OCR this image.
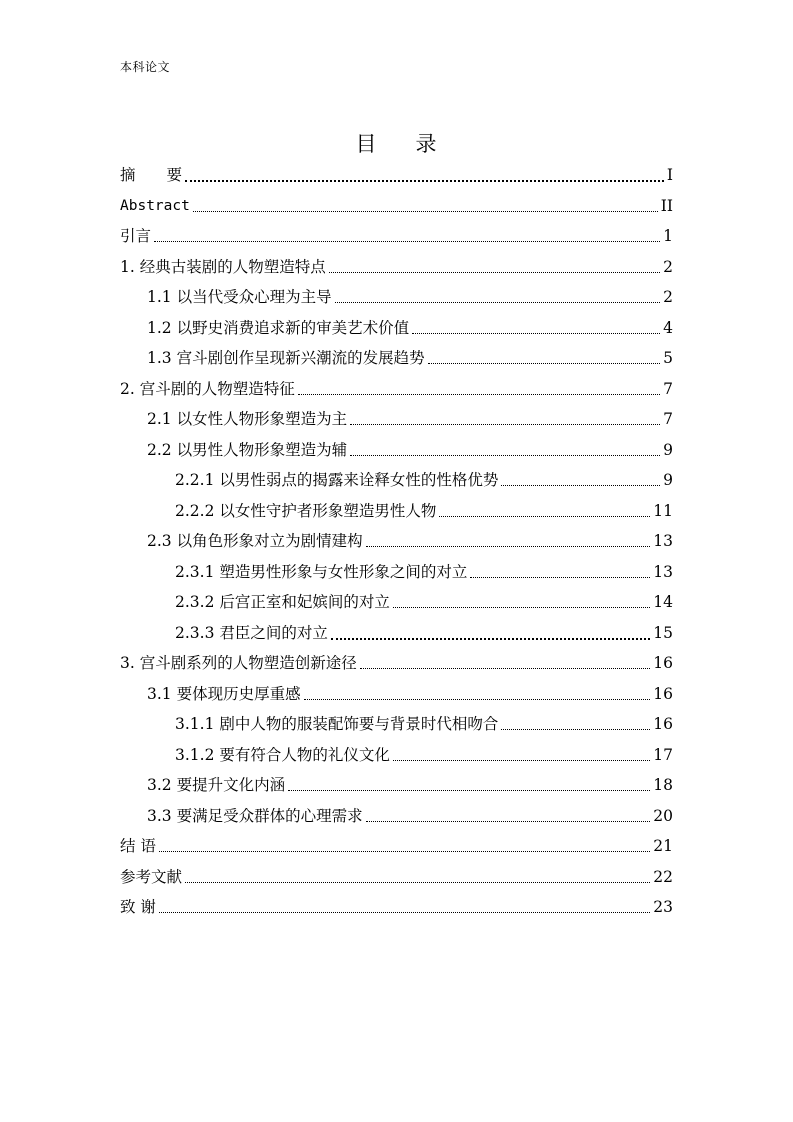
本科论文
目 录
摘　　要	I
Abstract	II
引言	1
1. 经典古装剧的人物塑造特点	2
1.1 以当代受众心理为主导	2
1.2 以野史消费追求新的审美艺术价值	4
1.3 宫斗剧创作呈现新兴潮流的发展趋势	5
2. 宫斗剧的人物塑造特征	7
2.1 以女性人物形象塑造为主	7
2.2 以男性人物形象塑造为辅	9
2.2.1 以男性弱点的揭露来诠释女性的性格优势	9
2.2.2 以女性守护者形象塑造男性人物	11
2.3 以角色形象对立为剧情建构	13
2.3.1 塑造男性形象与女性形象之间的对立	13
2.3.2 后宫正室和妃嫔间的对立	14
2.3.3 君臣之间的对立	15
3. 宫斗剧系列的人物塑造创新途径	16
3.1 要体现历史厚重感	16
3.1.1 剧中人物的服装配饰要与背景时代相吻合	16
3.1.2 要有符合人物的礼仪文化	17
3.2 要提升文化内涵	18
3.3 要满足受众群体的心理需求	20
结 语	21
参考文献	22
致 谢	23
